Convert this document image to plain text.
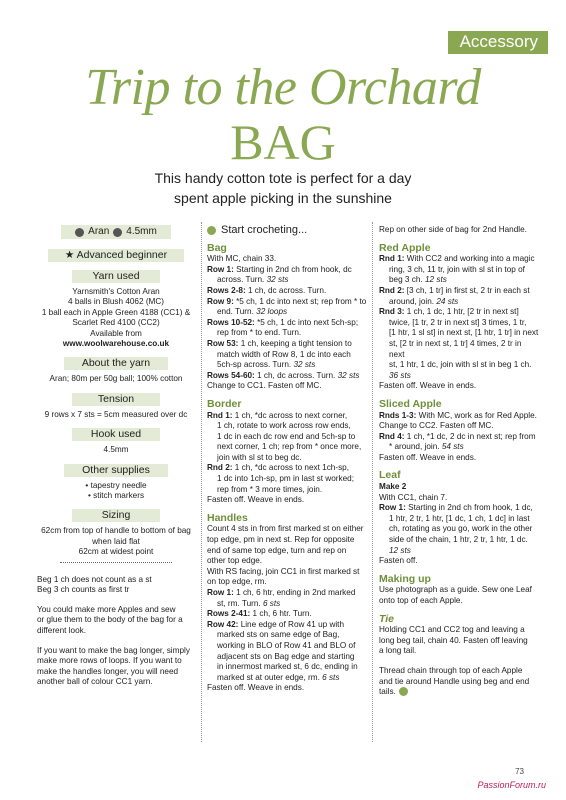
Accessory
Trip to the Orchard
BAG
This handy cotton tote is perfect for a day
spent apple picking in the sunshine
Aran 4.5mm
★ Advanced beginner
Yarn used
Yarnsmith's Cotton Aran
4 balls in Blush 4062 (MC)
1 ball each in Apple Green 4188 (CC1) &
Scarlet Red 4100 (CC2)
Available from
www.woolwarehouse.co.uk
About the yarn
Aran; 80m per 50g ball; 100% cotton
Tension
9 rows x 7 sts = 5cm measured over dc
Hook used
4.5mm
Other supplies
• tapestry needle
• stitch markers
Sizing
62cm from top of handle to bottom of bag
when laid flat
62cm at widest point

Beg 1 ch does not count as a st
Beg 3 ch counts as first tr

You could make more Apples and sew
or glue them to the body of the bag for a
different look.

If you want to make the bag longer, simply
make more rows of loops. If you want to
make the handles longer, you will need
another ball of colour CC1 yarn.

Start crocheting...
Bag
With MC, chain 33.
Row 1: Starting in 2nd ch from hook, dc
across. Turn. 32 sts
Rows 2-8: 1 ch, dc across. Turn.
Row 9: *5 ch, 1 dc into next st; rep from * to
end. Turn. 32 loops
Rows 10-52: *5 ch, 1 dc into next 5ch-sp;
rep from * to end. Turn.
Row 53: 1 ch, keeping a tight tension to
match width of Row 8, 1 dc into each
5ch-sp across. Turn. 32 sts
Rows 54-60: 1 ch, dc across. Turn. 32 sts
Change to CC1. Fasten off MC.
Border
Rnd 1: 1 ch, *dc across to next corner,
1 ch, rotate to work across row ends,
1 dc in each dc row end and 5ch-sp to
next corner, 1 ch; rep from * once more,
join with sl st to beg dc.
Rnd 2: 1 ch, *dc across to next 1ch-sp,
1 dc into 1ch-sp, pm in last st worked;
rep from * 3 more times, join.
Fasten off. Weave in ends.
Handles
Count 4 sts in from first marked st on either
top edge, pm in next st. Rep for opposite
end of same top edge, turn and rep on
other top edge.
With RS facing, join CC1 in first marked st
on top edge, rm.
Row 1: 1 ch, 6 htr, ending in 2nd marked
st, rm. Turn. 6 sts
Rows 2-41: 1 ch, 6 htr. Turn.
Row 42: Line edge of Row 41 up with
marked sts on same edge of Bag,
working in BLO of Row 41 and BLO of
adjacent sts on Bag edge and starting
in innermost marked st, 6 dc, ending in
marked st at outer edge, rm. 6 sts
Fasten off. Weave in ends.
Rep on other side of bag for 2nd Handle.
Red Apple
Rnd 1: With CC2 and working into a magic
ring, 3 ch, 11 tr, join with sl st in top of
beg 3 ch. 12 sts
Rnd 2: [3 ch, 1 tr] in first st, 2 tr in each st
around, join. 24 sts
Rnd 3: 1 ch, 1 dc, 1 htr, [2 tr in next st]
twice, [1 tr, 2 tr in next st] 3 times, 1 tr,
[1 htr, 1 sl st] in next st, [1 htr, 1 tr] in next
st, [2 tr in next st, 1 tr] 4 times, 2 tr in next
st, 1 htr, 1 dc, join with sl st in beg 1 ch.
36 sts
Fasten off. Weave in ends.
Sliced Apple
Rnds 1-3: With MC, work as for Red Apple.
Change to CC2. Fasten off MC.
Rnd 4: 1 ch, *1 dc, 2 dc in next st; rep from
* around, join. 54 sts
Fasten off. Weave in ends.
Leaf
Make 2
With CC1, chain 7.
Row 1: Starting in 2nd ch from hook, 1 dc,
1 htr, 2 tr, 1 htr, [1 dc, 1 ch, 1 dc] in last
ch, rotating as you go, work in the other
side of the chain, 1 htr, 2 tr, 1 htr, 1 dc.
12 sts
Fasten off.
Making up
Use photograph as a guide. Sew one Leaf
onto top of each Apple.
Tie
Holding CC1 and CC2 tog and leaving a
long beg tail, chain 40. Fasten off leaving
a long tail.
Thread chain through top of each Apple
and tie around Handle using beg and end
tails.
73
PassionForum.ru
